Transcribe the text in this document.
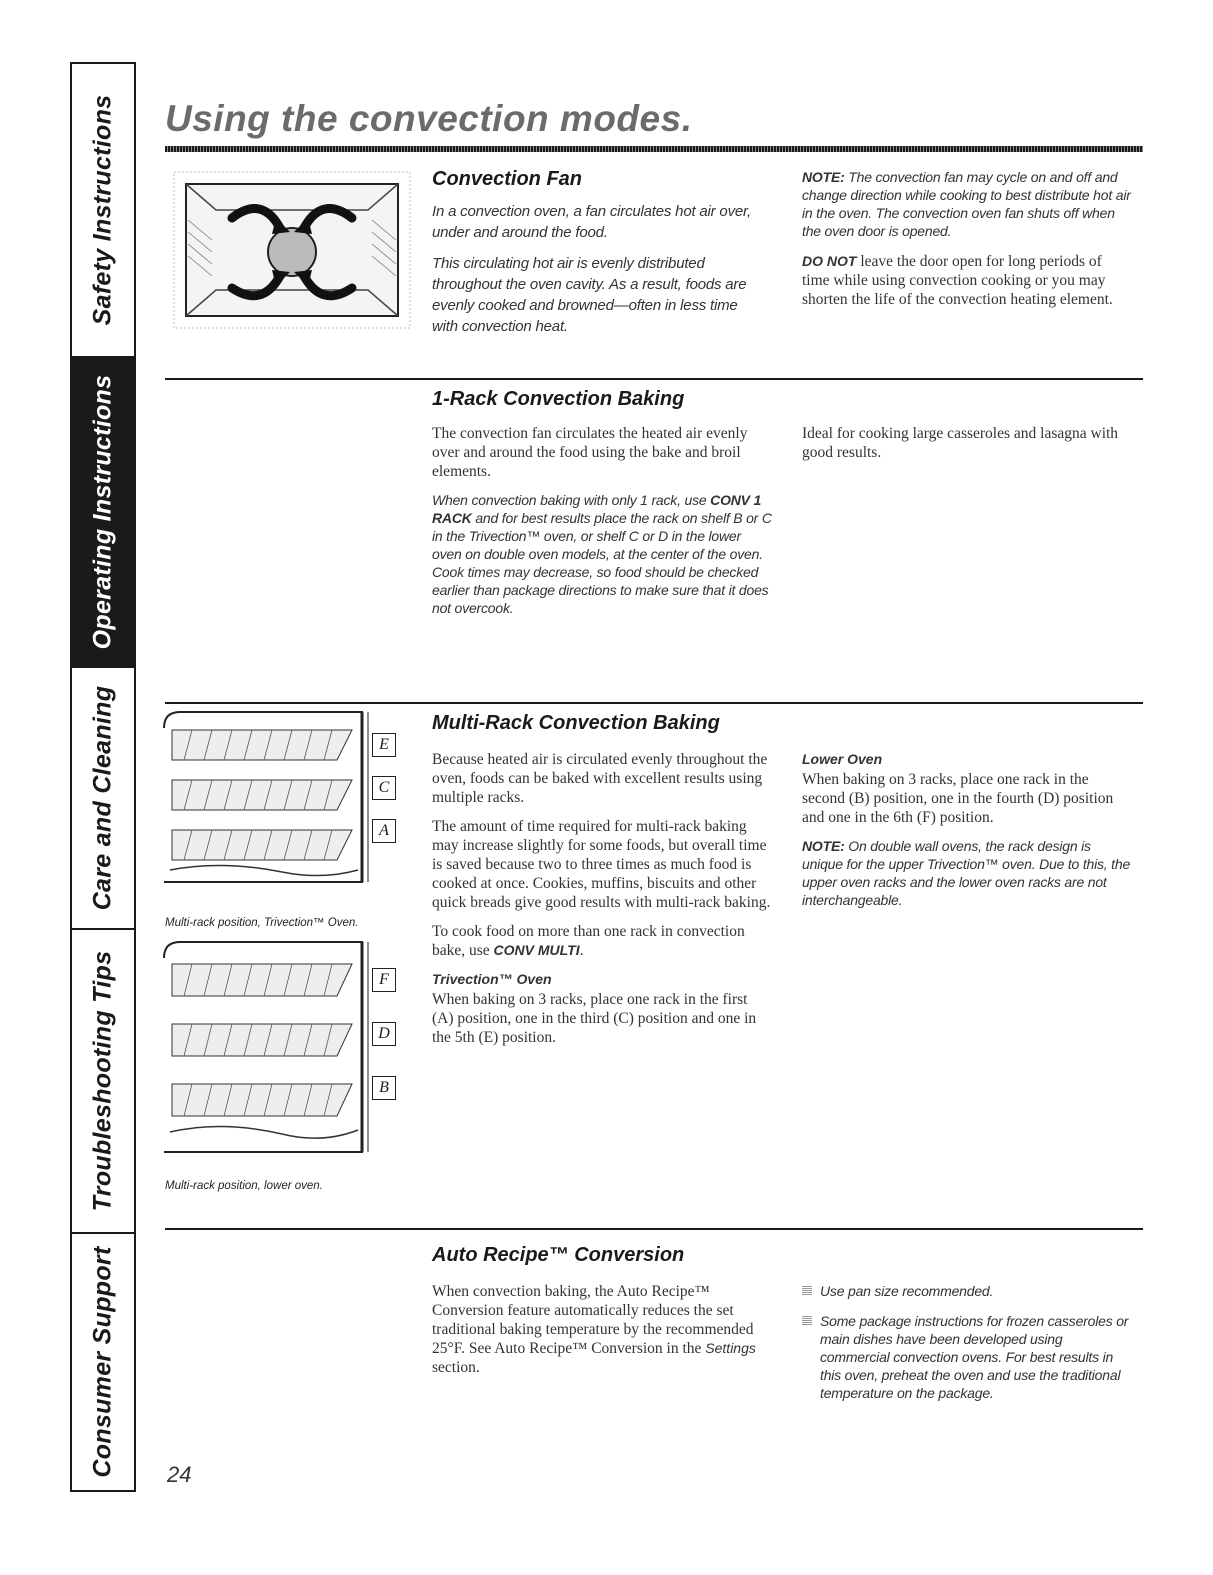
Safety Instructions
Operating Instructions
Care and Cleaning
Troubleshooting Tips
Consumer Support
Using the convection modes.
Convection Fan

In a convection oven, a fan circulates hot air over, under and around the food.

This circulating hot air is evenly distributed throughout the oven cavity. As a result, foods are evenly cooked and browned—often in less time with convection heat.

NOTE: The convection fan may cycle on and off and change direction while cooking to best distribute hot air in the oven. The convection oven fan shuts off when the oven door is opened.

DO NOT leave the door open for long periods of time while using convection cooking or you may shorten the life of the convection heating element.

1-Rack Convection Baking

The convection fan circulates the heated air evenly over and around the food using the bake and broil elements.

When convection baking with only 1 rack, use CONV 1 RACK and for best results place the rack on shelf B or C in the Trivection™ oven, or shelf C or D in the lower oven on double oven models, at the center of the oven. Cook times may decrease, so food should be checked earlier than package directions to make sure that it does not overcook.

Ideal for cooking large casseroles and lasagna with good results.

E
C
A
Multi-rack position, Trivection™ Oven.
F
D
B
Multi-rack position, lower oven.
Multi-Rack Convection Baking

Because heated air is circulated evenly throughout the oven, foods can be baked with excellent results using multiple racks.

The amount of time required for multi-rack baking may increase slightly for some foods, but overall time is saved because two to three times as much food is cooked at once. Cookies, muffins, biscuits and other quick breads give good results with multi-rack baking.

To cook food on more than one rack in convection bake, use CONV MULTI.

Trivection™ Oven
When baking on 3 racks, place one rack in the first (A) position, one in the third (C) position and one in the 5th (E) position.
Lower Oven

When baking on 3 racks, place one rack in the second (B) position, one in the fourth (D) position and one in the 6th (F) position.

NOTE: On double wall ovens, the rack design is unique for the upper Trivection™ oven. Due to this, the upper oven racks and the lower oven racks are not interchangeable.

Auto Recipe™ Conversion

When convection baking, the Auto Recipe™ Conversion feature automatically reduces the set traditional baking temperature by the recommended 25°F. See Auto Recipe™ Conversion in the Settings section.

Use pan size recommended.
Some package instructions for frozen casseroles or main dishes have been developed using commercial convection ovens. For best results in this oven, preheat the oven and use the traditional temperature on the package.
24
